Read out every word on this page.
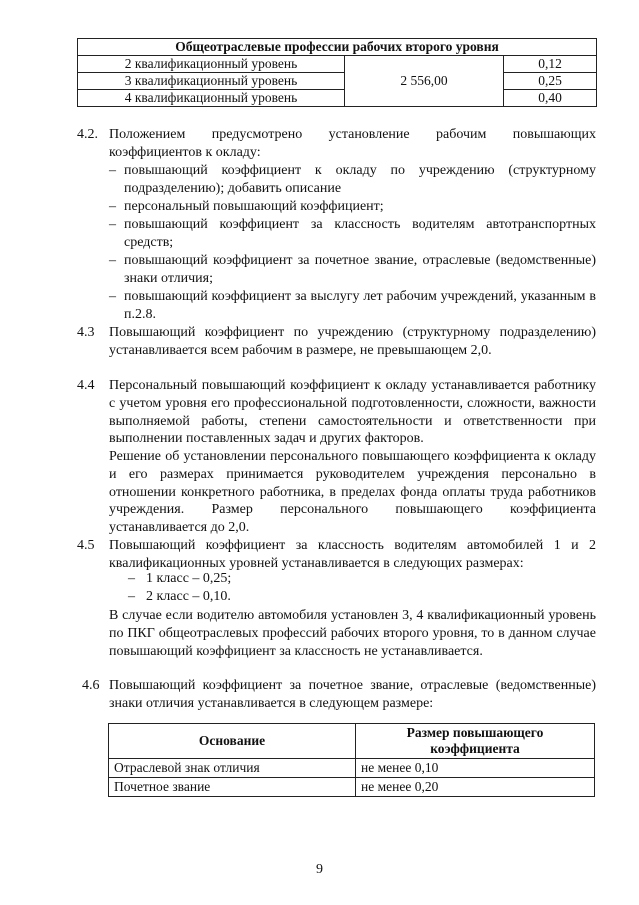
Общеотраслевые профессии рабочих второго уровня		
2 квалификационный уровень	2 556,00	0,12
3 квалификационный уровень		0,25
4 квалификационный уровень		0,40
4.2. Положением предусмотрено установление рабочим повышающих коэффициентов к окладу:

– повышающий коэффициент к окладу по учреждению (структурному подразделению); добавить описание

– персональный повышающий коэффициент;

– повышающий коэффициент за классность водителям автотранспортных средств;

– повышающий коэффициент за почетное звание, отраслевые (ведомственные) знаки отличия;

– повышающий коэффициент за выслугу лет рабочим учреждений, указанным в п.2.8.

4.3 Повышающий коэффициент по учреждению (структурному подразделению) устанавливается всем рабочим в размере, не превышающем 2,0.

4.4 Персональный повышающий коэффициент к окладу устанавливается работнику с учетом уровня его профессиональной подготовленности, сложности, важности выполняемой работы, степени самостоятельности и ответственности при выполнении поставленных задач и других факторов.

Решение об установлении персонального повышающего коэффициента к окладу и его размерах принимается руководителем учреждения персонально в отношении конкретного работника, в пределах фонда оплаты труда работников учреждения. Размер персонального повышающего коэффициента устанавливается до 2,0.

4.5 Повышающий коэффициент за классность водителям автомобилей 1 и 2 квалификационных уровней устанавливается в следующих размерах:

– 1 класс – 0,25;

– 2 класс – 0,10.

В случае если водителю автомобиля установлен 3, 4 квалификационный уровень по ПКГ общеотраслевых профессий рабочих второго уровня, то в данном случае повышающий коэффициент за классность не устанавливается.

4.6 Повышающий коэффициент за почетное звание, отраслевые (ведомственные) знаки отличия устанавливается в следующем размере:

Основание	Размер повышающего коэффициента
Отраслевой знак отличия	не менее 0,10
Почетное звание	не менее 0,20
9
